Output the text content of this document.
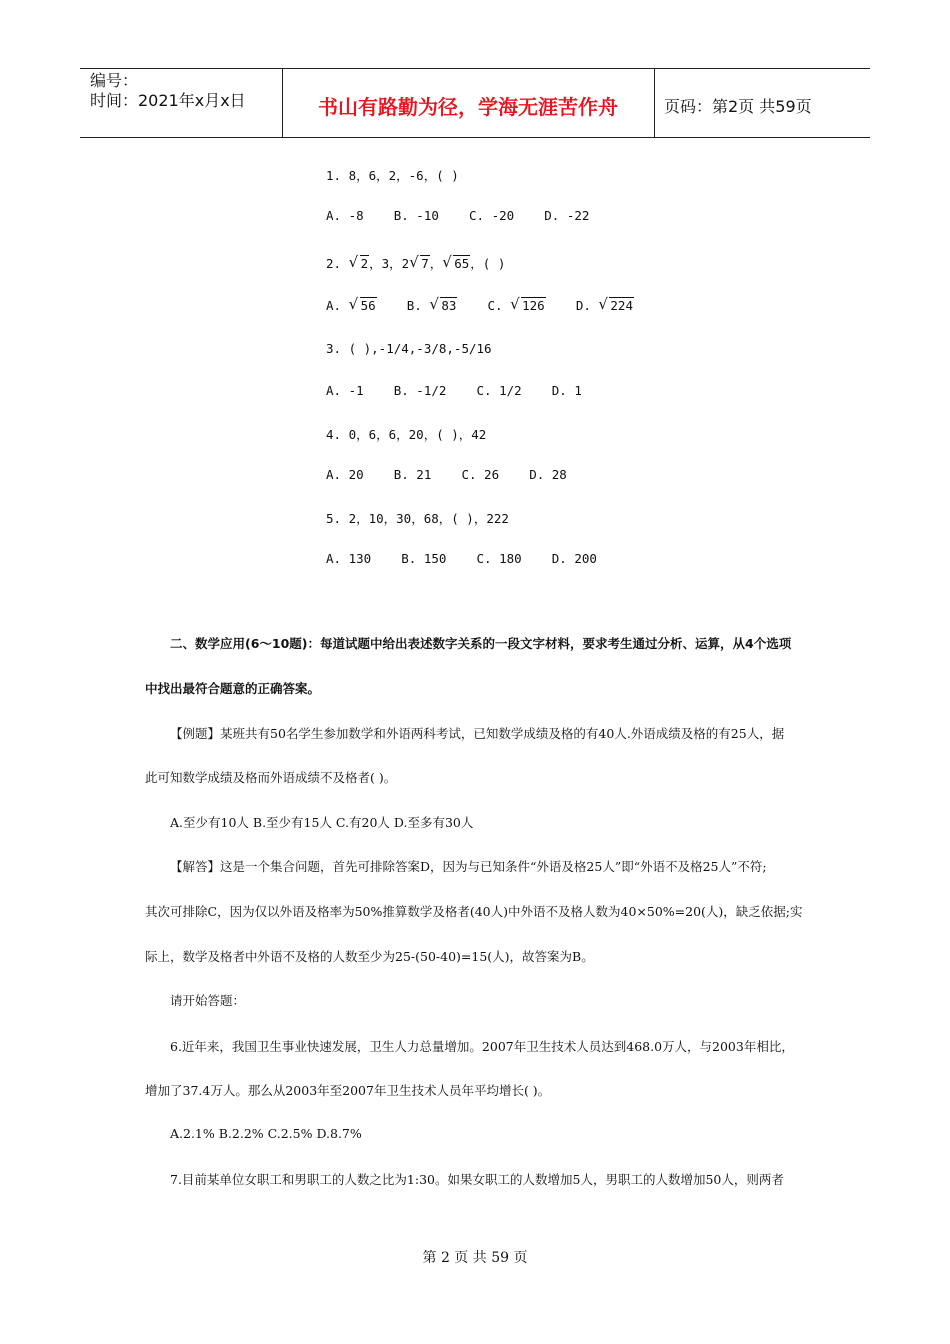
编号：
时间：2021年x月x日	书山有路勤为径，学海无涯苦作舟	页码：第2页 共59页
1. 8，6，2，-6，( )
A. -8    B. -10    C. -20    D. -22
2. √ 2，3，2 √ 7， √ 65，( )
A. √ 56 B. √ 83 C. √ 126 D. √ 224
3. ( ),-1/4,-3/8,-5/16
A. -1    B. -1/2    C. 1/2    D. 1
4. 0，6，6，20，( )，42
A. 20    B. 21    C. 26    D. 28
5. 2，10，30，68，( )，222
A. 130    B. 150    C. 180    D. 200
二、数学应用(6～10题)：每道试题中给出表述数字关系的一段文字材料，要求考生通过分析、运算，从4个选项
中找出最符合题意的正确答案。
【例题】某班共有50名学生参加数学和外语两科考试，已知数学成绩及格的有40人.外语成绩及格的有25人，据
此可知数学成绩及格而外语成绩不及格者( )。
A.至少有10人 B.至少有15人 C.有20人 D.至多有30人
【解答】这是一个集合问题，首先可排除答案D，因为与已知条件“外语及格25人”即“外语不及格25人”不符;
其次可排除C，因为仅以外语及格率为50%推算数学及格者(40人)中外语不及格人数为40×50%=20(人)，缺乏依据;实
际上，数学及格者中外语不及格的人数至少为25-(50-40)=15(人)，故答案为B。
请开始答题：
6.近年来，我国卫生事业快速发展，卫生人力总量增加。2007年卫生技术人员达到468.0万人，与2003年相比，
增加了37.4万人。那么从2003年至2007年卫生技术人员年平均增长( )。
A.2.1% B.2.2% C.2.5% D.8.7%
7.目前某单位女职工和男职工的人数之比为1:30。如果女职工的人数增加5人，男职工的人数增加50人，则两者
第 2 页 共 59 页
